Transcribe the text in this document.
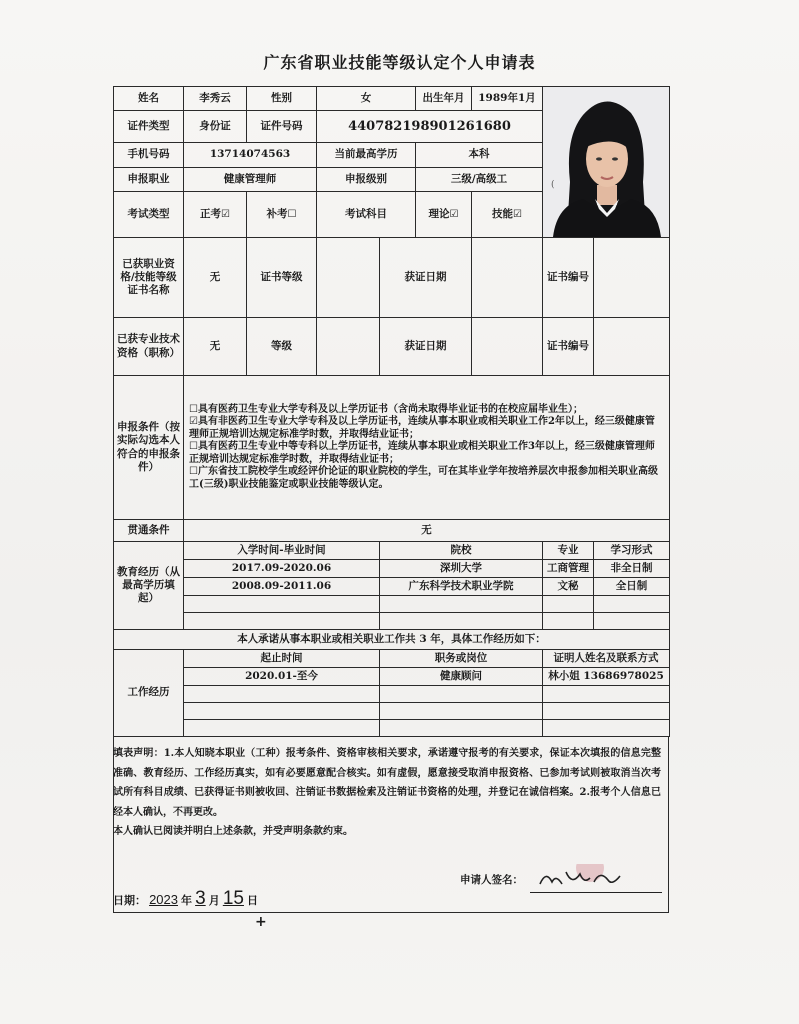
广东省职业技能等级认定个人申请表
姓名	李秀云	性别	女		出生年月	1989年1月	

证件类型	身份证	证件号码	440782198901261680					
手机号码	13714074563		当前最高学历		本科			
申报职业	健康管理师		申报级别		三级/高级工			
考试类型	正考☑	补考☐	考试科目		理论☑	技能☑		
已获职业资格/技能等级证书名称	无	证书等级		获证日期			证书编号	
已获专业技术资格（职称）	无	等级		获证日期			证书编号	
申报条件（按实际勾选本人符合的申报条件）	☐具有医药卫生专业大学专科及以上学历证书（含尚未取得毕业证书的在校应届毕业生）；
☑具有非医药卫生专业大学专科及以上学历证书，连续从事本职业或相关职业工作2年以上，经三级健康管理师正规培训达规定标准学时数，并取得结业证书；
☐具有医药卫生专业中等专科以上学历证书，连续从事本职业或相关职业工作3年以上，经三级健康管理师正规培训达规定标准学时数，并取得结业证书；
☐广东省技工院校学生或经评价论证的职业院校的学生，可在其毕业学年按培养层次申报参加相关职业高级工(三级)职业技能鉴定或职业技能等级认定。							

贯通条件	无							
教育经历（从最高学历填起）	入学时间-毕业时间			院校			专业	学习形式
	2017.09-2020.06			深圳大学			工商管理	非全日制
	2008.09-2011.06			广东科学技术职业学院			文秘	全日制

本人承诺从事本职业或相关职业工作共 3 年，具体工作经历如下：								
工作经历	起止时间			职务或岗位			证明人姓名及联系方式	
	2020.01-至今			健康顾问			林小姐 13686978025	

(
填表声明：1.本人知晓本职业（工种）报考条件、资格审核相关要求，承诺遵守报考的有关要求，保证本次填报的信息完整准确、教育经历、工作经历真实，如有必要愿意配合核实。如有虚假，愿意接受取消申报资格、已参加考试则被取消当次考试所有科目成绩、已获得证书则被收回、注销证书数据检索及注销证书资格的处理，并登记在诚信档案。2.报考个人信息已经本人确认，不再更改。
本人确认已阅读并明白上述条款，并受声明条款约束。
申请人签名：
日期： 2023 年 3 月 15 日
+
